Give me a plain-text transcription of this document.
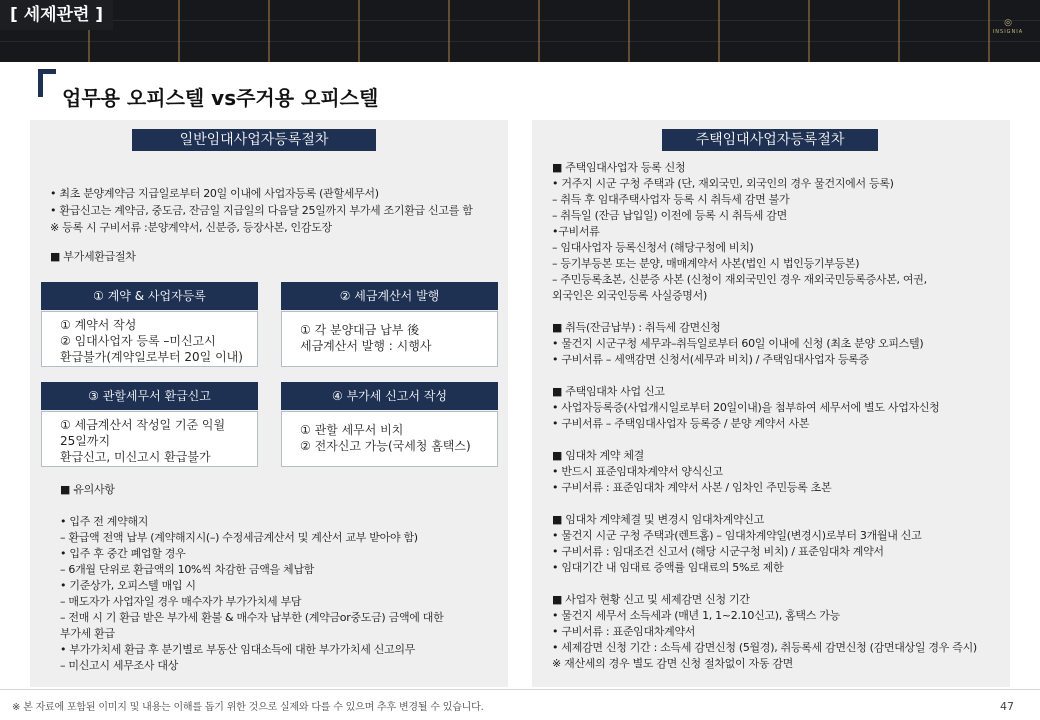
[ 세제관련 ]	◎
INSIGNIA
업무용 오피스텔 vs주거용 오피스텔
일반임대사업자등록절차
• 최초 분양계약금 지급일로부터 20일 이내에 사업자등록 (관할세무서)
• 환급신고는 계약금, 중도금, 잔금일 지급일의 다음달 25일까지 부가세 조기환급 신고를 함
※ 등록 시 구비서류 :분양계약서, 신분증, 등장사본, 인감도장
■ 부가세환급절차
① 계약 & 사업자등록
① 계약서 작성
② 임대사업자 등록 –미신고시
환급불가(계약일로부터 20일 이내)
② 세금계산서 발행
① 각 분양대금 납부 後
세금계산서 발행 : 시행사
③ 관할세무서 환급신고
① 세금계산서 작성일 기준 익월
25일까지
환급신고, 미신고시 환급불가
④ 부가세 신고서 작성
① 관할 세무서 비치
② 전자신고 가능(국세청 홈택스)
■ 유의사항
• 입주 전 계약해지
– 환급액 전액 납부 (계약해지시(–) 수정세금계산서 및 계산서 교부 받아야 함)
• 입주 후 중간 폐업할 경우
– 6개월 단위로 환급액의 10%씩 차감한 금액을 체납함
• 기준상가, 오피스텔 매입 시
– 매도자가 사업자일 경우 매수자가 부가가치세 부담
– 전매 시 기 환급 받은 부가세 환불 & 매수자 납부한 (계약금or중도금) 금액에 대한
부가세 환급
• 부가가치세 환급 후 분기별로 부동산 임대소득에 대한 부가가치세 신고의무
– 미신고시 세무조사 대상
주택임대사업자등록절차
■ 주택임대사업자 등록 신청
• 거주지 시군 구청 주택과 (단, 재외국민, 외국인의 경우 물건지에서 등록)
– 취득 후 임대주택사업자 등록 시 취득세 감면 불가
– 취득일 (잔금 납입일) 이전에 등록 시 취득세 감면
•구비서류
– 임대사업자 등록신청서 (해당구청에 비치)
– 등기부등본 또는 분양, 매매계약서 사본(법인 시 법인등기부등본)
– 주민등록초본, 신분증 사본 (신청이 재외국민인 경우 재외국민등록증사본, 여권,
외국인은 외국인등록 사실증명서)
■ 취득(잔금납부) : 취득세 감면신청
• 물건지 시군구청 세무과–취득일로부터 60일 이내에 신청 (최초 분양 오피스텔)
• 구비서류 – 세액감면 신청서(세무과 비치) / 주택임대사업자 등록증
■ 주택임대차 사업 신고
• 사업자등록증(사업개시일로부터 20일이내)을 첨부하여 세무서에 별도 사업자신청
• 구비서류 – 주택임대사업자 등록증 / 분양 계약서 사본
■ 임대차 계약 체결
• 반드시 표준임대차계약서 양식신고
• 구비서류 : 표준임대차 계약서 사본 / 임차인 주민등록 초본
■ 임대차 계약체결 및 변경시 임대차계약신고
• 물건지 시군 구청 주택과(렌트홈) – 임대차계약일(변경시)로부터 3개월내 신고
• 구비서류 : 임대조건 신고서 (해당 시군구청 비치) / 표준임대차 계약서
• 임대기간 내 임대료 증액률 임대료의 5%로 제한
■ 사업자 현황 신고 및 세제감면 신청 기간
• 물건지 세무서 소득세과 (매년 1, 1~2.10신고), 홈택스 가능
• 구비서류 : 표준임대차계약서
• 세제감면 신청 기간 : 소득세 감면신청 (5월경), 취등록세 감면신청 (감면대상일 경우 즉시)
※ 재산세의 경우 별도 감면 신청 절차없이 자동 감면
※ 본 자료에 포함된 이미지 및 내용는 이해를 돕기 위한 것으로 실제와 다를 수 있으며 추후 변경될 수 있습니다.	47
